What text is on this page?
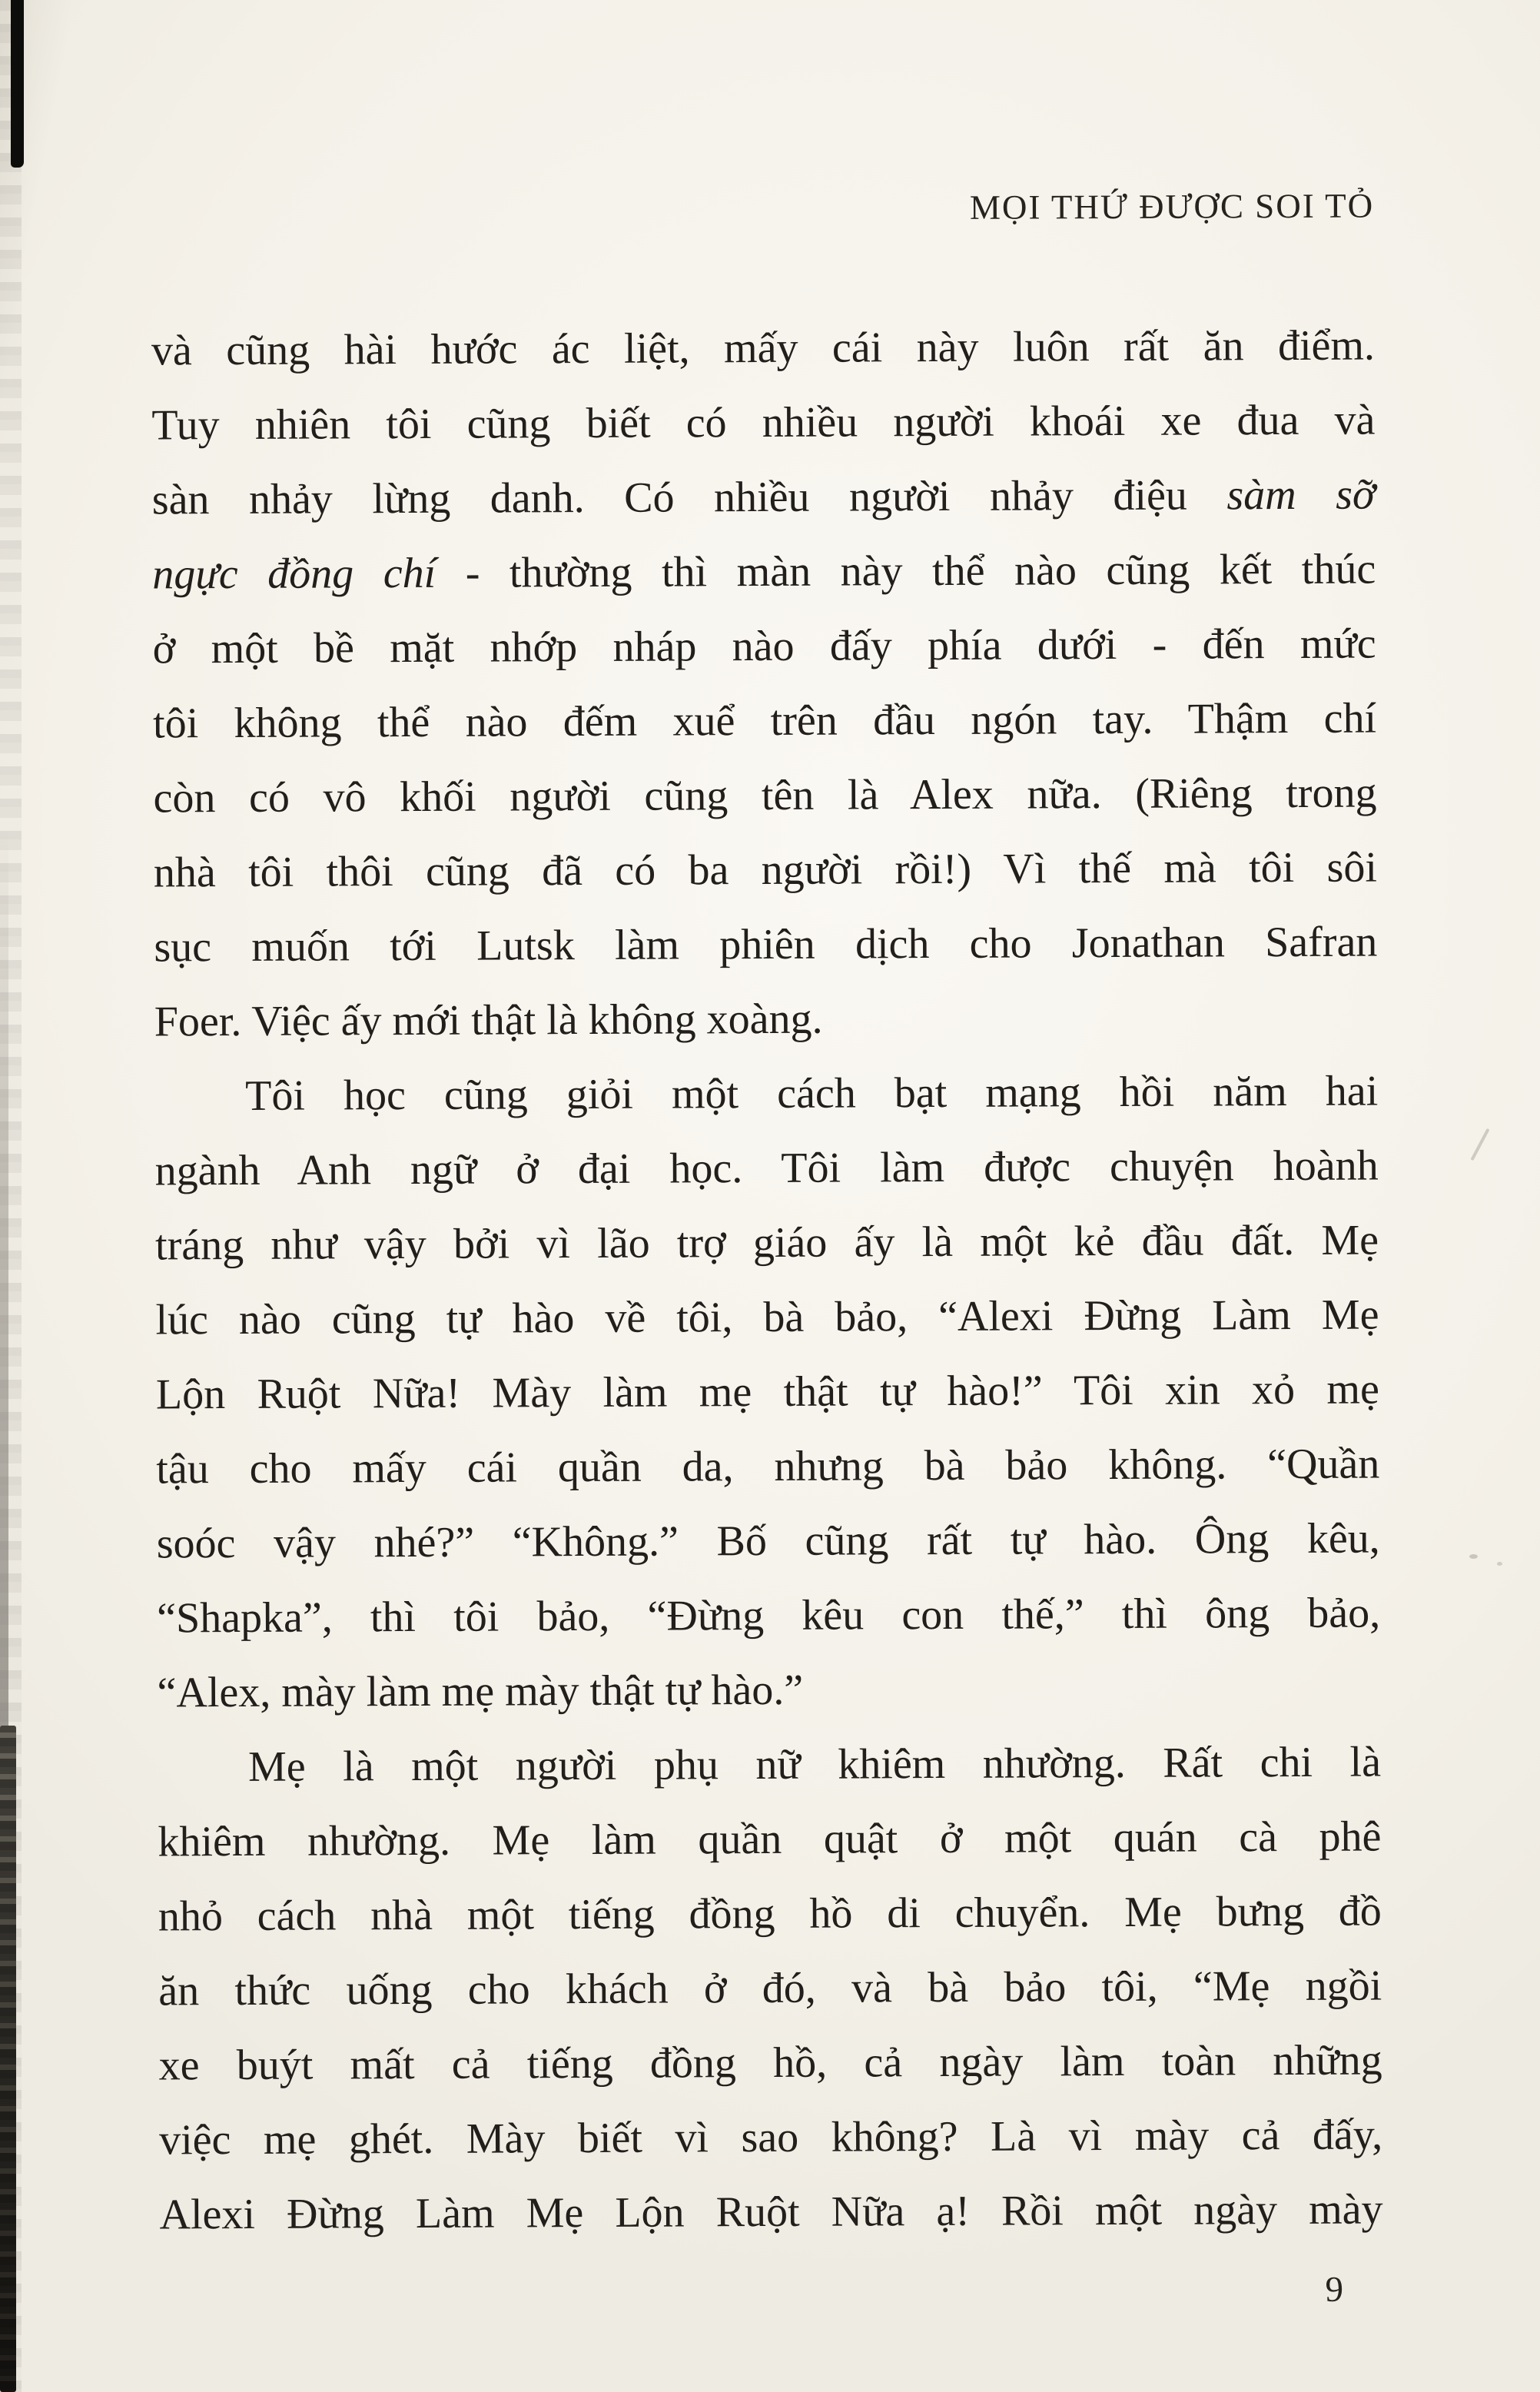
MỌI THỨ ĐƯỢC SOI TỎ
và cũng hài hước ác liệt, mấy cái này luôn rất ăn điểm.
Tuy nhiên tôi cũng biết có nhiều người khoái xe đua và
sàn nhảy lừng danh. Có nhiều người nhảy điệu sàm sỡ
ngực đồng chí - thường thì màn này thể nào cũng kết thúc
ở một bề mặt nhớp nháp nào đấy phía dưới - đến mức
tôi không thể nào đếm xuể trên đầu ngón tay. Thậm chí
còn có vô khối người cũng tên là Alex nữa. (Riêng trong
nhà tôi thôi cũng đã có ba người rồi!) Vì thế mà tôi sôi
sục muốn tới Lutsk làm phiên dịch cho Jonathan Safran
Foer. Việc ấy mới thật là không xoàng.
Tôi học cũng giỏi một cách bạt mạng hồi năm hai
ngành Anh ngữ ở đại học. Tôi làm được chuyện hoành
tráng như vậy bởi vì lão trợ giáo ấy là một kẻ đầu đất. Mẹ
lúc nào cũng tự hào về tôi, bà bảo, “Alexi Đừng Làm Mẹ
Lộn Ruột Nữa! Mày làm mẹ thật tự hào!” Tôi xin xỏ mẹ
tậu cho mấy cái quần da, nhưng bà bảo không. “Quần
soóc vậy nhé?” “Không.” Bố cũng rất tự hào. Ông kêu,
“Shapka”, thì tôi bảo, “Đừng kêu con thế,” thì ông bảo,
“Alex, mày làm mẹ mày thật tự hào.”
Mẹ là một người phụ nữ khiêm nhường. Rất chi là
khiêm nhường. Mẹ làm quần quật ở một quán cà phê
nhỏ cách nhà một tiếng đồng hồ di chuyển. Mẹ bưng đồ
ăn thức uống cho khách ở đó, và bà bảo tôi, “Mẹ ngồi
xe buýt mất cả tiếng đồng hồ, cả ngày làm toàn những
việc mẹ ghét. Mày biết vì sao không? Là vì mày cả đấy,
Alexi Đừng Làm Mẹ Lộn Ruột Nữa ạ! Rồi một ngày mày
9
